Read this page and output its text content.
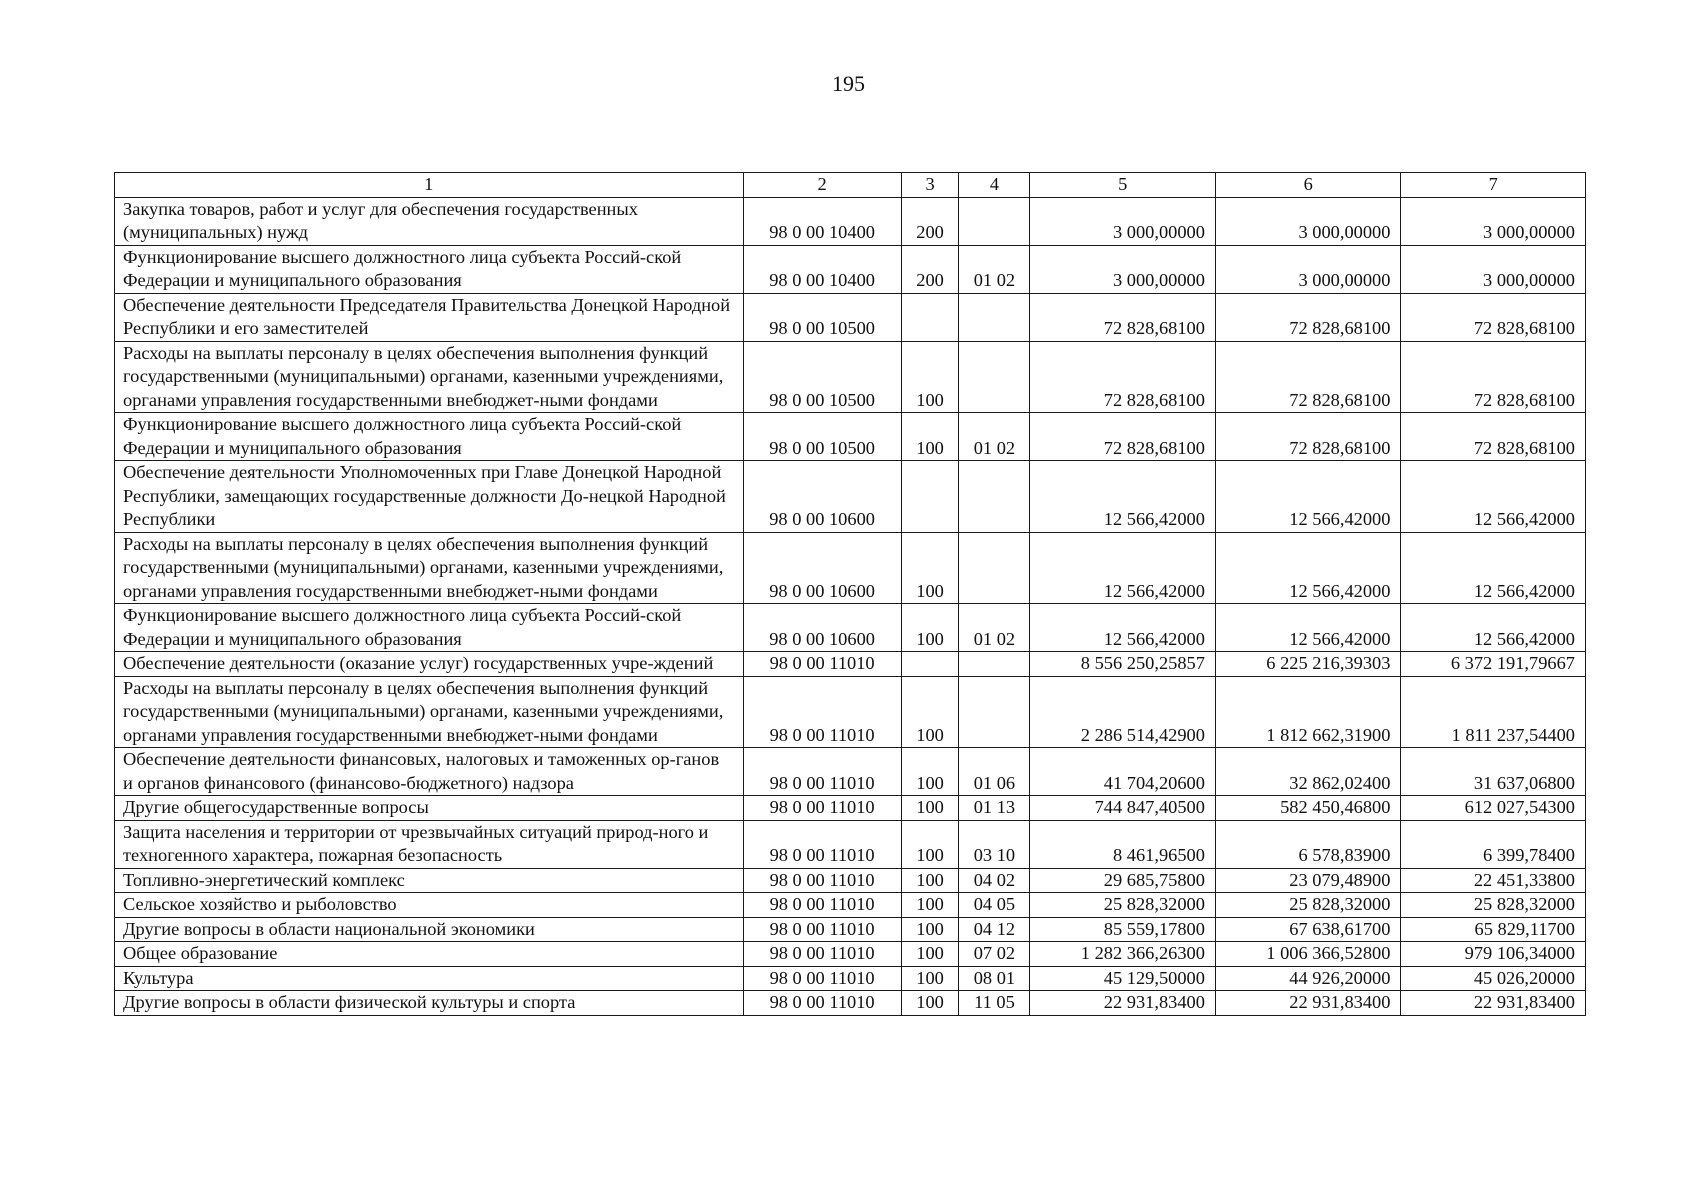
195
1	2	3	4	5	6	7
Закупка товаров, работ и услуг для обеспечения государственных (муниципальных) нужд	98 0 00 10400	200		3 000,00000	3 000,00000	3 000,00000
Функционирование высшего должностного лица субъекта Россий-ской Федерации и муниципального образования	98 0 00 10400	200	01 02	3 000,00000	3 000,00000	3 000,00000
Обеспечение деятельности Председателя Правительства Донецкой Народной Республики и его заместителей	98 0 00 10500			72 828,68100	72 828,68100	72 828,68100
Расходы на выплаты персоналу в целях обеспечения выполнения функций государственными (муниципальными) органами, казенными учреждениями, органами управления государственными внебюджет-ными фондами	98 0 00 10500	100		72 828,68100	72 828,68100	72 828,68100
Функционирование высшего должностного лица субъекта Россий-ской Федерации и муниципального образования	98 0 00 10500	100	01 02	72 828,68100	72 828,68100	72 828,68100
Обеспечение деятельности Уполномоченных при Главе Донецкой Народной Республики, замещающих государственные должности До-нецкой Народной Республики	98 0 00 10600			12 566,42000	12 566,42000	12 566,42000
Расходы на выплаты персоналу в целях обеспечения выполнения функций государственными (муниципальными) органами, казенными учреждениями, органами управления государственными внебюджет-ными фондами	98 0 00 10600	100		12 566,42000	12 566,42000	12 566,42000
Функционирование высшего должностного лица субъекта Россий-ской Федерации и муниципального образования	98 0 00 10600	100	01 02	12 566,42000	12 566,42000	12 566,42000
Обеспечение деятельности (оказание услуг) государственных учре-ждений	98 0 00 11010			8 556 250,25857	6 225 216,39303	6 372 191,79667
Расходы на выплаты персоналу в целях обеспечения выполнения функций государственными (муниципальными) органами, казенными учреждениями, органами управления государственными внебюджет-ными фондами	98 0 00 11010	100		2 286 514,42900	1 812 662,31900	1 811 237,54400
Обеспечение деятельности финансовых, налоговых и таможенных ор-ганов и органов финансового (финансово-бюджетного) надзора	98 0 00 11010	100	01 06	41 704,20600	32 862,02400	31 637,06800
Другие общегосударственные вопросы	98 0 00 11010	100	01 13	744 847,40500	582 450,46800	612 027,54300
Защита населения и территории от чрезвычайных ситуаций природ-ного и техногенного характера, пожарная безопасность	98 0 00 11010	100	03 10	8 461,96500	6 578,83900	6 399,78400
Топливно-энергетический комплекс	98 0 00 11010	100	04 02	29 685,75800	23 079,48900	22 451,33800
Сельское хозяйство и рыболовство	98 0 00 11010	100	04 05	25 828,32000	25 828,32000	25 828,32000
Другие вопросы в области национальной экономики	98 0 00 11010	100	04 12	85 559,17800	67 638,61700	65 829,11700
Общее образование	98 0 00 11010	100	07 02	1 282 366,26300	1 006 366,52800	979 106,34000
Культура	98 0 00 11010	100	08 01	45 129,50000	44 926,20000	45 026,20000
Другие вопросы в области физической культуры и спорта	98 0 00 11010	100	11 05	22 931,83400	22 931,83400	22 931,83400
